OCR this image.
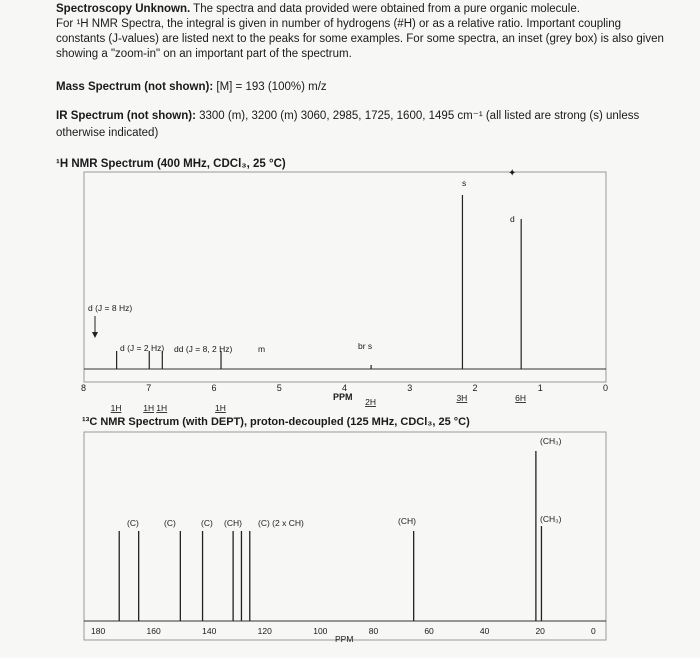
Spectroscopy Unknown. The spectra and data provided were obtained from a pure organic molecule.
For ¹H NMR Spectra, the integral is given in number of hydrogens (#H) or as a relative ratio. Important coupling constants (J-values) are listed next to the peaks for some examples. For some spectra, an inset (grey box) is also given showing a "zoom-in" on an important part of the spectrum.
Mass Spectrum (not shown): [M] = 193 (100%) m/z
IR Spectrum (not shown): 3300 (m), 3200 (m) 3060, 2985, 1725, 1600, 1495 cm⁻¹ (all listed are strong (s) unless
otherwise indicated)
¹H NMR Spectrum (400 MHz, CDCl₃, 25 °C)
8	7	6	5	4	3	2	1	0
d (J = 8 Hz)
d (J = 2 Hz) dd (J = 8, 2 Hz)	m	br s
s
d
✦
PPM
1H	1H 1H	1H
2H	3H	6H
¹³C NMR Spectrum (with DEPT), proton-decoupled (125 MHz, CDCl₃, 25 °C)
180	160	140	120	100	80	60	40	20	0
(C)	(C)	(C) (CH) (C) (2 x CH)	(CH)
(CH₃)
(CH₃)
PPM
